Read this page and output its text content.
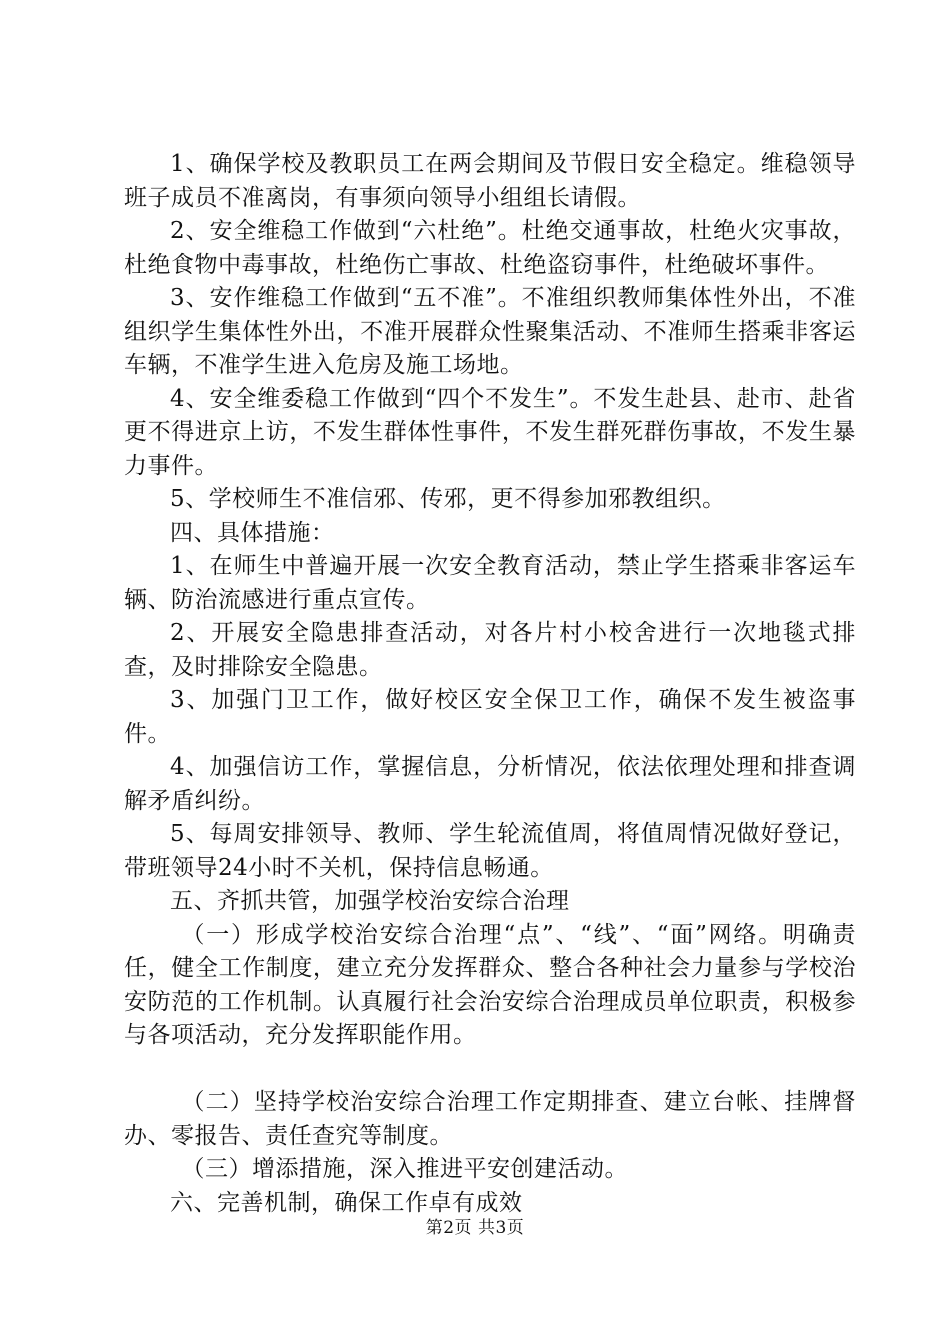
1、确保学校及教职员工在两会期间及节假日安全稳定。维稳领导班子成员不准离岗，有事须向领导小组组长请假。

2、安全维稳工作做到“六杜绝”。杜绝交通事故，杜绝火灾事故，杜绝食物中毒事故，杜绝伤亡事故、杜绝盗窃事件，杜绝破坏事件。

3、安作维稳工作做到“五不准”。不准组织教师集体性外出，不准组织学生集体性外出，不准开展群众性聚集活动、不准师生搭乘非客运车辆，不准学生进入危房及施工场地。

4、安全维委稳工作做到“四个不发生”。不发生赴县、赴市、赴省更不得进京上访，不发生群体性事件，不发生群死群伤事故，不发生暴力事件。

5、学校师生不准信邪、传邪，更不得参加邪教组织。

四、具体措施：

1、在师生中普遍开展一次安全教育活动，禁止学生搭乘非客运车辆、防治流感进行重点宣传。

2、开展安全隐患排查活动，对各片村小校舍进行一次地毯式排查，及时排除安全隐患。

3、加强门卫工作，做好校区安全保卫工作，确保不发生被盗事件。

4、加强信访工作，掌握信息，分析情况，依法依理处理和排查调解矛盾纠纷。

5、每周安排领导、教师、学生轮流值周，将值周情况做好登记，带班领导24小时不关机，保持信息畅通。

五、齐抓共管，加强学校治安综合治理

（一）形成学校治安综合治理“点”、“线”、“面”网络。明确责任，健全工作制度，建立充分发挥群众、整合各种社会力量参与学校治安防范的工作机制。认真履行社会治安综合治理成员单位职责，积极参与各项活动，充分发挥职能作用。

（二）坚持学校治安综合治理工作定期排查、建立台帐、挂牌督办、零报告、责任查究等制度。

（三）增添措施，深入推进平安创建活动。

六、完善机制，确保工作卓有成效

第2页 共3页
